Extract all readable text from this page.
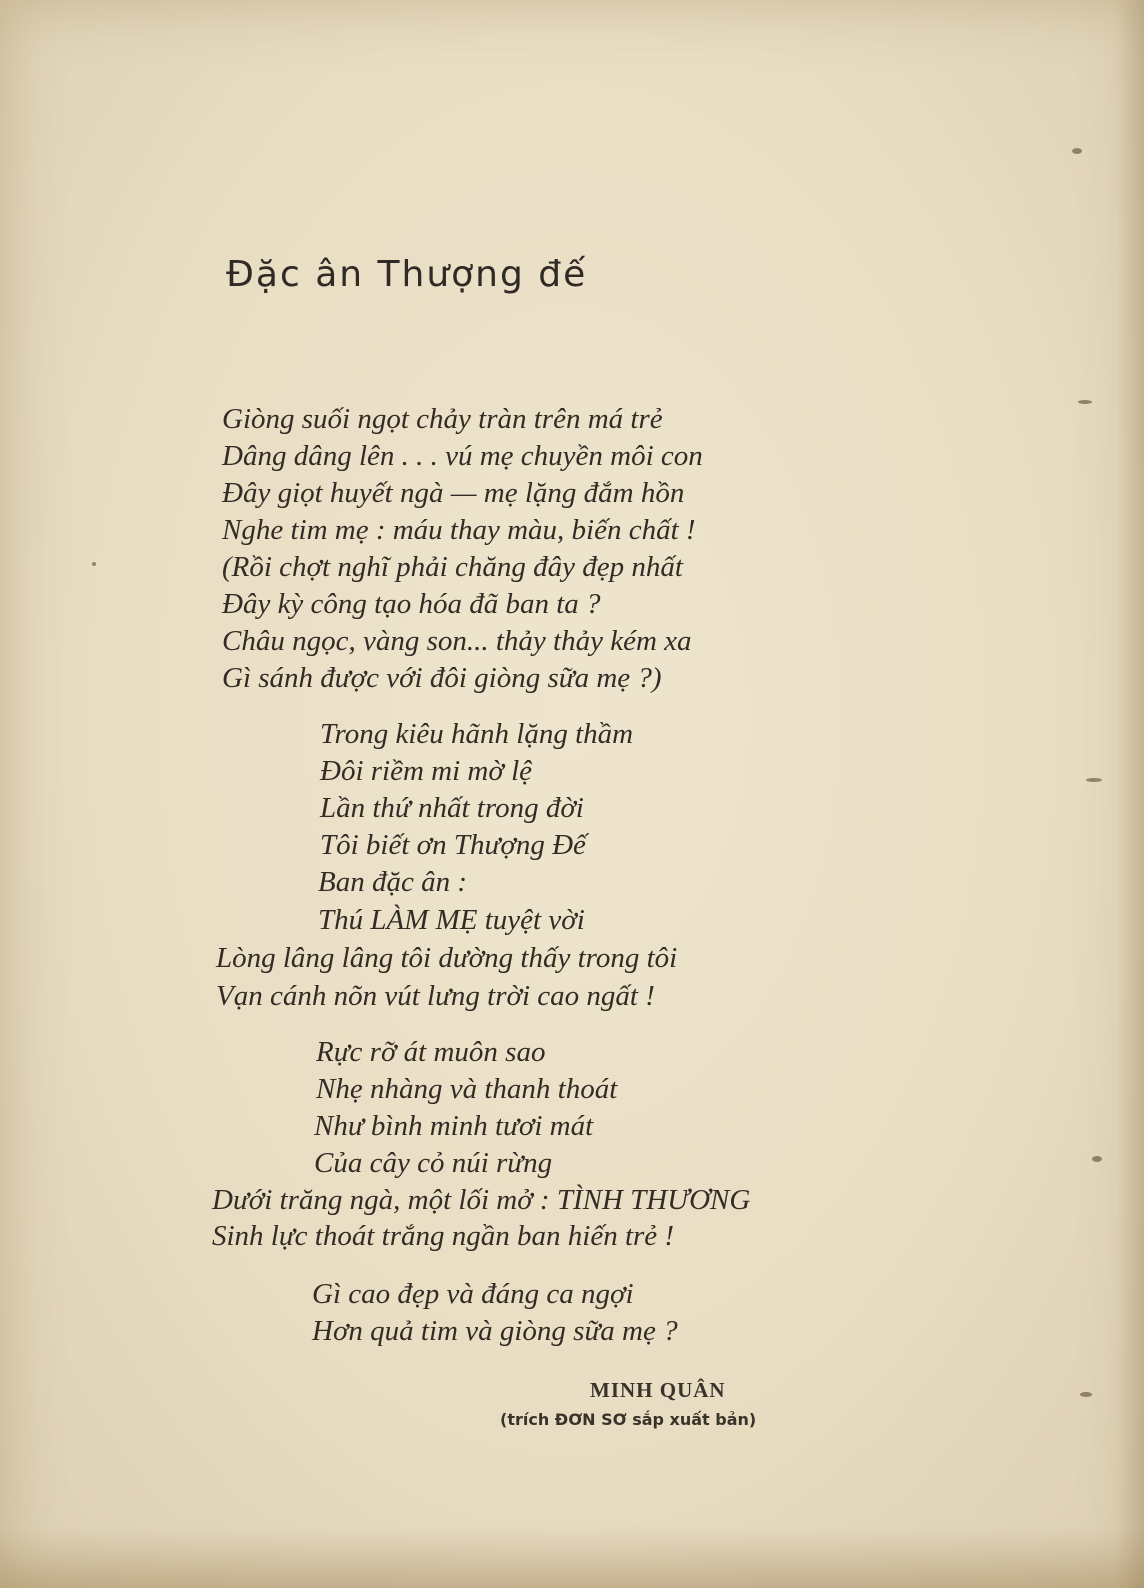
Đặc ân Thượng đế
Giòng suối ngọt chảy tràn trên má trẻ
Dâng dâng lên . . . vú mẹ chuyền môi con
Đây giọt huyết ngà — mẹ lặng đắm hồn
Nghe tim mẹ : máu thay màu, biến chất !
(Rồi chợt nghĩ phải chăng đây đẹp nhất
Đây kỳ công tạo hóa đã ban ta ?
Châu ngọc, vàng son... thảy thảy kém xa
Gì sánh được với đôi giòng sữa mẹ ?)
Trong kiêu hãnh lặng thầm
Đôi riềm mi mờ lệ
Lần thứ nhất trong đời
Tôi biết ơn Thượng Đế
Ban đặc ân :
Thú LÀM MẸ tuyệt vời
Lòng lâng lâng tôi dường thấy trong tôi
Vạn cánh nõn vút lưng trời cao ngất !
Rực rỡ át muôn sao
Nhẹ nhàng và thanh thoát
Như bình minh tươi mát
Của cây cỏ núi rừng
Dưới trăng ngà, một lối mở : TÌNH THƯƠNG
Sinh lực thoát trắng ngần ban hiến trẻ !
Gì cao đẹp và đáng ca ngợi
Hơn quả tim và giòng sữa mẹ ?
MINH QUÂN
(trích ĐƠN SƠ sắp xuất bản)
